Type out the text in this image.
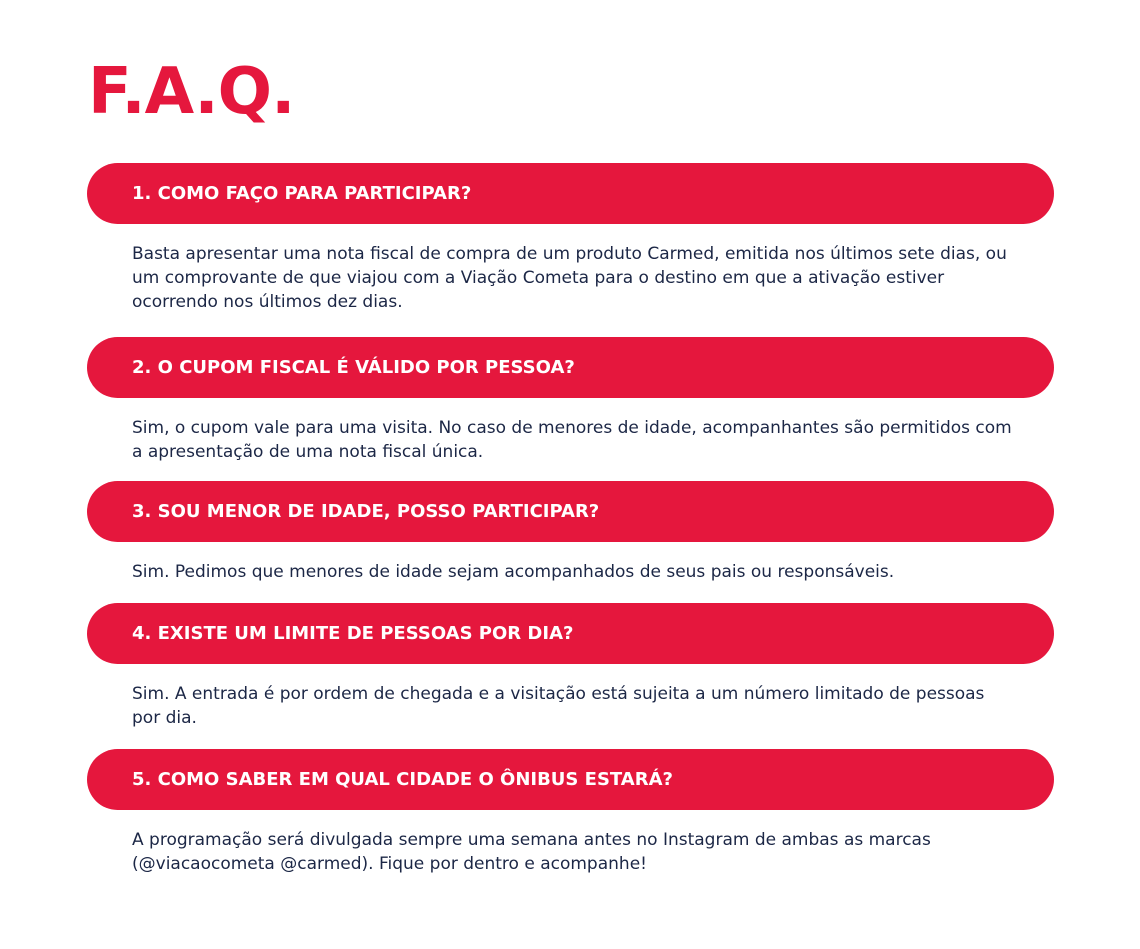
F.A.Q.
1. COMO FAÇO PARA PARTICIPAR?
Basta apresentar uma nota fiscal de compra de um produto Carmed, emitida nos últimos sete dias, ou um comprovante de que viajou com a Viação Cometa para o destino em que a ativação estiver ocorrendo nos últimos dez dias.
2. O CUPOM FISCAL É VÁLIDO POR PESSOA?
Sim, o cupom vale para uma visita. No caso de menores de idade, acompanhantes são permitidos com a apresentação de uma nota fiscal única.
3. SOU MENOR DE IDADE, POSSO PARTICIPAR?
Sim. Pedimos que menores de idade sejam acompanhados de seus pais ou responsáveis.
4. EXISTE UM LIMITE DE PESSOAS POR DIA?
Sim. A entrada é por ordem de chegada e a visitação está sujeita a um número limitado de pessoas por dia.
5. COMO SABER EM QUAL CIDADE O ÔNIBUS ESTARÁ?
A programação será divulgada sempre uma semana antes no Instagram de ambas as marcas (@viacaocometa @carmed). Fique por dentro e acompanhe!
